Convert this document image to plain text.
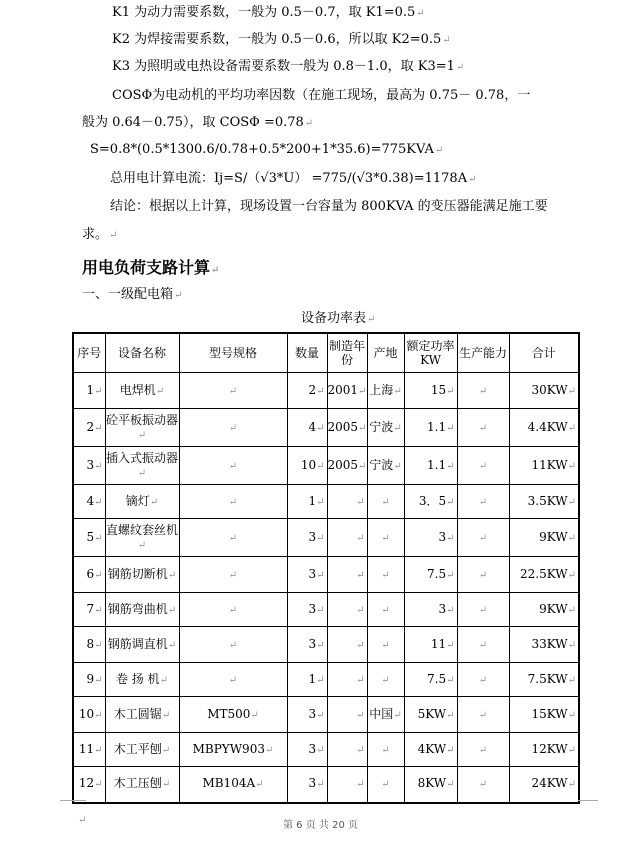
K1 为动力需要系数，一般为 0.5－0.7，取 K1=0.5↵
K2 为焊接需要系数，一般为 0.5－0.6，所以取 K2=0.5↵
K3 为照明或电热设备需要系数一般为 0.8－1.0，取 K3=1↵
COSΦ为电动机的平均功率因数（在施工现场，最高为 0.75－ 0.78，一
般为 0.64－0.75），取 COSΦ =0.78↵
S=0.8*(0.5*1300.6/0.78+0.5*200+1*35.6)=775KVA↵
总用电计算电流：Ij=S/（√3*U） =775/(√3*0.38)=1178A↵
结论：根据以上计算，现场设置一台容量为 800KVA 的变压器能满足施工要
求。↵
用电负荷支路计算↵
一、一级配电箱↵
设备功率表↵
序号	设备名称	型号规格	数量	制造年份	产地	额定功率KW	生产能力	合计
1↵	电焊机↵	↵	2↵	2001↵	上海↵	15↵	↵	30KW↵
2↵	砼平板振动器↵	↵	4↵	2005↵	宁波↵	1.1↵	↵	4.4KW↵
3↵	插入式振动器↵	↵	10↵	2005↵	宁波↵	1.1↵	↵	11KW↵
4↵	镝灯↵	↵	1↵	↵	↵	3．5↵	↵	3.5KW↵
5↵	直螺纹套丝机↵	↵	3↵	↵	↵	3↵	↵	9KW↵
6↵	钢筋切断机↵	↵	3↵	↵	↵	7.5↵	↵	22.5KW↵
7↵	钢筋弯曲机↵	↵	3↵	↵	↵	3↵	↵	9KW↵
8↵	钢筋调直机↵	↵	3↵	↵	↵	11↵	↵	33KW↵
9↵	卷 扬 机↵	↵	1↵	↵	↵	7.5↵	↵	7.5KW↵
10↵	木工圆锯↵	MT500↵	3↵	↵	中国↵	5KW↵	↵	15KW↵
11↵	木工平刨↵	MBPYW903↵	3↵	↵	↵	4KW↵	↵	12KW↵
12↵	木工压刨↵	MB104A↵	3↵	↵	↵	8KW↵	↵	24KW↵
↵	第 6 页 共 20 页
